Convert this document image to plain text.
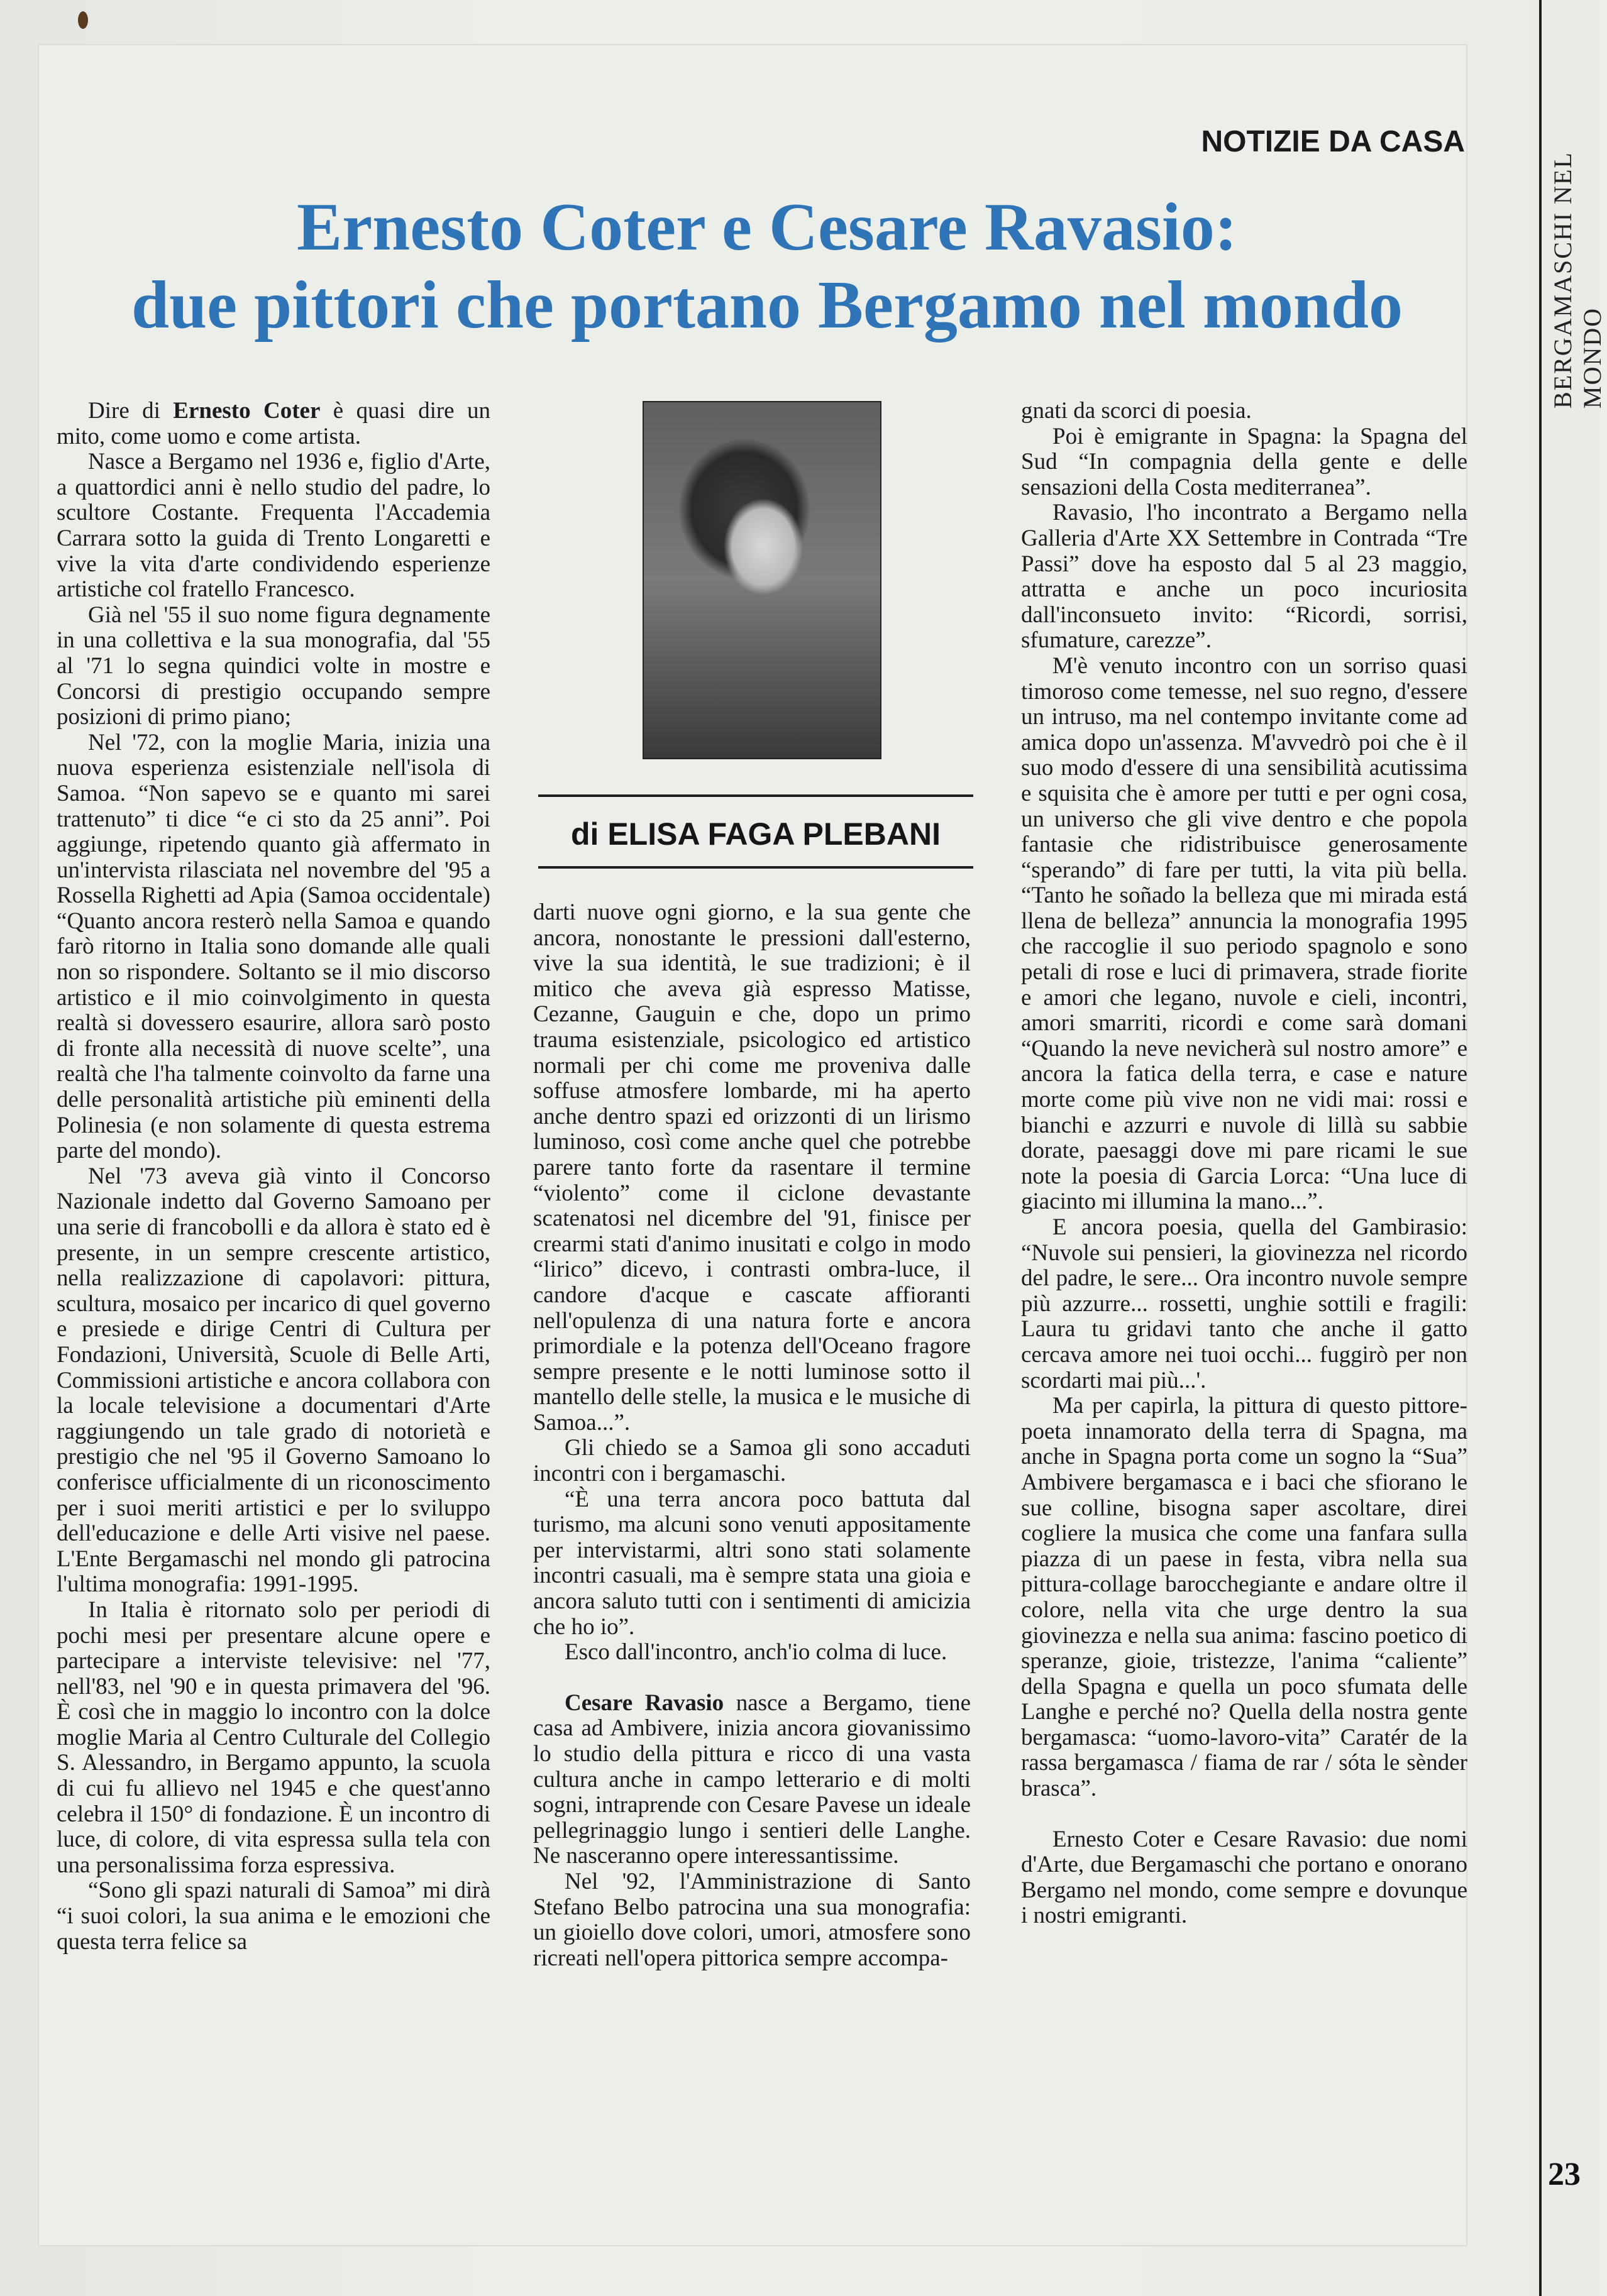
BERGAMASCHI NEL MONDO
23
NOTIZIE DA CASA
Ernesto Coter e Cesare Ravasio:
due pittori che portano Bergamo nel mondo
di ELISA FAGA PLEBANI

Dire di Ernesto Coter è quasi dire un mito, come uomo e come artista.

Nasce a Bergamo nel 1936 e, figlio d'Arte, a quattordici anni è nello studio del padre, lo scultore Costante. Frequenta l'Accademia Carrara sotto la guida di Trento Longaretti e vive la vita d'arte condividendo esperienze artistiche col fratello Francesco.

Già nel '55 il suo nome figura degnamente in una collettiva e la sua monografia, dal '55 al '71 lo segna quindici volte in mostre e Concorsi di prestigio occupando sempre posizioni di primo piano;

Nel '72, con la moglie Maria, inizia una nuova esperienza esistenziale nell'isola di Samoa. “Non sapevo se e quanto mi sarei trattenuto” ti dice “e ci sto da 25 anni”. Poi aggiunge, ripetendo quanto già affermato in un'intervista rilasciata nel novembre del '95 a Rossella Righetti ad Apia (Samoa occidentale) “Quanto ancora resterò nella Samoa e quando farò ritorno in Italia sono domande alle quali non so rispondere. Soltanto se il mio discorso artistico e il mio coinvolgimento in questa realtà si dovessero esaurire, allora sarò posto di fronte alla necessità di nuove scelte”, una realtà che l'ha talmente coinvolto da farne una delle personalità artistiche più eminenti della Polinesia (e non solamente di questa estrema parte del mondo).

Nel '73 aveva già vinto il Concorso Nazionale indetto dal Governo Samoano per una serie di francobolli e da allora è stato ed è presente, in un sempre crescente artistico, nella realizzazione di capolavori: pittura, scultura, mosaico per incarico di quel governo e presiede e dirige Centri di Cultura per Fondazioni, Università, Scuole di Belle Arti, Commissioni artistiche e ancora collabora con la locale televisione a documentari d'Arte raggiungendo un tale grado di notorietà e prestigio che nel '95 il Governo Samoano lo conferisce ufficialmente di un riconoscimento per i suoi meriti artistici e per lo sviluppo dell'educazione e delle Arti visive nel paese. L'Ente Bergamaschi nel mondo gli patrocina l'ultima monografia: 1991-1995.

In Italia è ritornato solo per periodi di pochi mesi per presentare alcune opere e partecipare a interviste televisive: nel '77, nell'83, nel '90 e in questa primavera del '96. È così che in maggio lo incontro con la dolce moglie Maria al Centro Culturale del Collegio S. Alessandro, in Bergamo appunto, la scuola di cui fu allievo nel 1945 e che quest'anno celebra il 150° di fondazione. È un incontro di luce, di colore, di vita espressa sulla tela con una personalissima forza espressiva.

“Sono gli spazi naturali di Samoa” mi dirà “i suoi colori, la sua anima e le emozioni che questa terra felice sa

darti nuove ogni giorno, e la sua gente che ancora, nonostante le pressioni dall'esterno, vive la sua identità, le sue tradizioni; è il mitico che aveva già espresso Matisse, Cezanne, Gauguin e che, dopo un primo trauma esistenziale, psicologico ed artistico normali per chi come me proveniva dalle soffuse atmosfere lombarde, mi ha aperto anche dentro spazi ed orizzonti di un lirismo luminoso, così come anche quel che potrebbe parere tanto forte da rasentare il termine “violento” come il ciclone devastante scatenatosi nel dicembre del '91, finisce per crearmi stati d'animo inusitati e colgo in modo “lirico” dicevo, i contrasti ombra-luce, il candore d'acque e cascate affioranti nell'opulenza di una natura forte e ancora primordiale e la potenza dell'Oceano fragore sempre presente e le notti luminose sotto il mantello delle stelle, la musica e le musiche di Samoa...”.

Gli chiedo se a Samoa gli sono accaduti incontri con i bergamaschi.

“È una terra ancora poco battuta dal turismo, ma alcuni sono venuti appositamente per intervistarmi, altri sono stati solamente incontri casuali, ma è sempre stata una gioia e ancora saluto tutti con i sentimenti di amicizia che ho io”.

Esco dall'incontro, anch'io colma di luce.

Cesare Ravasio nasce a Bergamo, tiene casa ad Ambivere, inizia ancora giovanissimo lo studio della pittura e ricco di una vasta cultura anche in campo letterario e di molti sogni, intraprende con Cesare Pavese un ideale pellegrinaggio lungo i sentieri delle Langhe. Ne nasceranno opere interessantissime.

Nel '92, l'Amministrazione di Santo Stefano Belbo patrocina una sua monografia: un gioiello dove colori, umori, atmosfere sono ricreati nell'opera pittorica sempre accompa-

gnati da scorci di poesia.

Poi è emigrante in Spagna: la Spagna del Sud “In compagnia della gente e delle sensazioni della Costa mediterranea”.

Ravasio, l'ho incontrato a Bergamo nella Galleria d'Arte XX Settembre in Contrada “Tre Passi” dove ha esposto dal 5 al 23 maggio, attratta e anche un poco incuriosita dall'inconsueto invito: “Ricordi, sorrisi, sfumature, carezze”.

M'è venuto incontro con un sorriso quasi timoroso come temesse, nel suo regno, d'essere un intruso, ma nel contempo invitante come ad amica dopo un'assenza. M'avvedrò poi che è il suo modo d'essere di una sensibilità acutissima e squisita che è amore per tutti e per ogni cosa, un universo che gli vive dentro e che popola fantasie che ridistribuisce generosamente “sperando” di fare per tutti, la vita più bella. “Tanto he soñado la belleza que mi mirada está llena de belleza” annuncia la monografia 1995 che raccoglie il suo periodo spagnolo e sono petali di rose e luci di primavera, strade fiorite e amori che legano, nuvole e cieli, incontri, amori smarriti, ricordi e come sarà domani “Quando la neve nevicherà sul nostro amore” e ancora la fatica della terra, e case e nature morte come più vive non ne vidi mai: rossi e bianchi e azzurri e nuvole di lillà su sabbie dorate, paesaggi dove mi pare ricami le sue note la poesia di Garcia Lorca: “Una luce di giacinto mi illumina la mano...”.

E ancora poesia, quella del Gambirasio: “Nuvole sui pensieri, la giovinezza nel ricordo del padre, le sere... Ora incontro nuvole sempre più azzurre... rossetti, unghie sottili e fragili: Laura tu gridavi tanto che anche il gatto cercava amore nei tuoi occhi... fuggirò per non scordarti mai più...'.

Ma per capirla, la pittura di questo pittore-poeta innamorato della terra di Spagna, ma anche in Spagna porta come un sogno la “Sua” Ambivere bergamasca e i baci che sfiorano le sue colline, bisogna saper ascoltare, direi cogliere la musica che come una fanfara sulla piazza di un paese in festa, vibra nella sua pittura-collage barocchegiante e andare oltre il colore, nella vita che urge dentro la sua giovinezza e nella sua anima: fascino poetico di speranze, gioie, tristezze, l'anima “caliente” della Spagna e quella un poco sfumata delle Langhe e perché no? Quella della nostra gente bergamasca: “uomo-lavoro-vita” Caratér de la rassa bergamasca / fiama de rar / sóta le sènder brasca”.

Ernesto Coter e Cesare Ravasio: due nomi d'Arte, due Bergamaschi che portano e onorano Bergamo nel mondo, come sempre e dovunque i nostri emigranti.
